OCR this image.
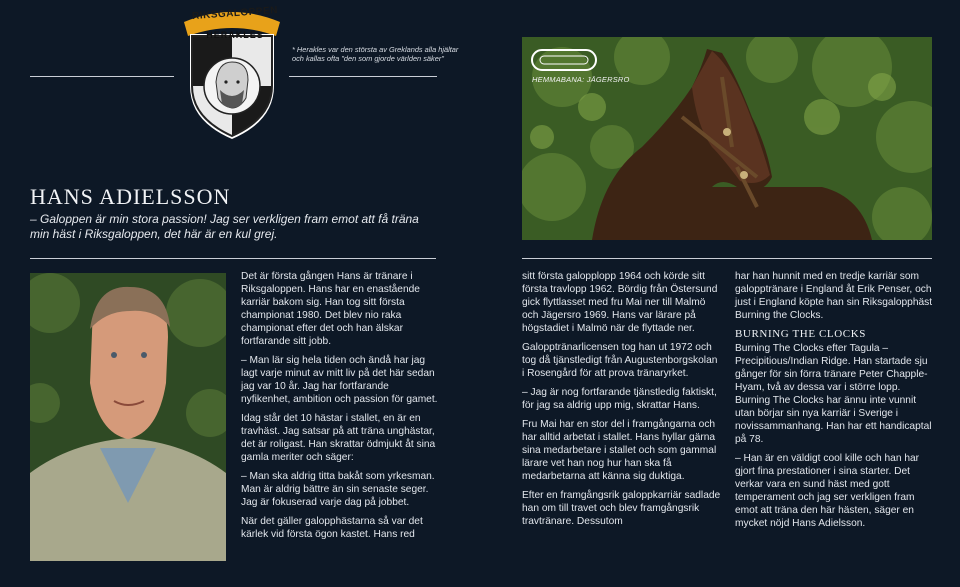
RIKSGALOPPEN
HERAKLES
* Herakles var den största av Greklands alla hjältar och kallas ofta "den som gjorde världen säker"
HEMMABANA: JÄGERSRO
HANS ADIELSSON
– Galoppen är min stora passion! Jag ser verkligen fram emot att få träna min häst i Riksgaloppen, det här är en kul grej.

Det är första gången Hans är tränare i Riksgaloppen. Hans har en enastående karriär bakom sig. Han tog sitt första championat 1980. Det blev nio raka championat efter det och han älskar fortfarande sitt jobb.

– Man lär sig hela tiden och ändå har jag lagt varje minut av mitt liv på det här sedan jag var 10 år. Jag har fortfarande nyfikenhet, ambition och passion för gamet.

Idag står det 10 hästar i stallet, en är en travhäst. Jag satsar på att träna unghästar, det är roligast. Han skrattar ödmjukt åt sina gamla meriter och säger:

– Man ska aldrig titta bakåt som yrkesman. Man är aldrig bättre än sin senaste seger. Jag är fokuserad varje dag på jobbet.

När det gäller galopphästarna så var det kärlek vid första ögon kastet. Hans red

sitt första galopplopp 1964 och körde sitt första travlopp 1962. Bördig från Östersund gick flyttlasset med fru Mai ner till Malmö och Jägersro 1969. Hans var lärare på högstadiet i Malmö när de flyttade ner.

Galopptränarlicensen tog han ut 1972 och tog då tjänstledigt från Augustenborgskolan i Rosengård för att prova tränaryrket.

– Jag är nog fortfarande tjänstledig faktiskt, för jag sa aldrig upp mig, skrattar Hans.

Fru Mai har en stor del i framgångarna och har alltid arbetat i stallet. Hans hyllar gärna sina medarbetare i stallet och som gammal lärare vet han nog hur han ska få medarbetarna att känna sig duktiga.

Efter en framgångsrik galoppkarriär sadlade han om till travet och blev framgångsrik travtränare. Dessutom

har han hunnit med en tredje karriär som galopptränare i England åt Erik Penser, och just i England köpte han sin Riksgalopphäst Burning the Clocks.

BURNING THE CLOCKS

Burning The Clocks efter Tagula – Precipitious/Indian Ridge. Han startade sju gånger för sin förra tränare Peter Chapple-Hyam, två av dessa var i större lopp. Burning The Clocks har ännu inte vunnit utan börjar sin nya karriär i Sverige i novissammanhang. Han har ett handicaptal på 78.

– Han är en väldigt cool kille och han har gjort fina prestationer i sina starter. Det verkar vara en sund häst med gott temperament och jag ser verkligen fram emot att träna den här hästen, säger en mycket nöjd Hans Adielsson.
